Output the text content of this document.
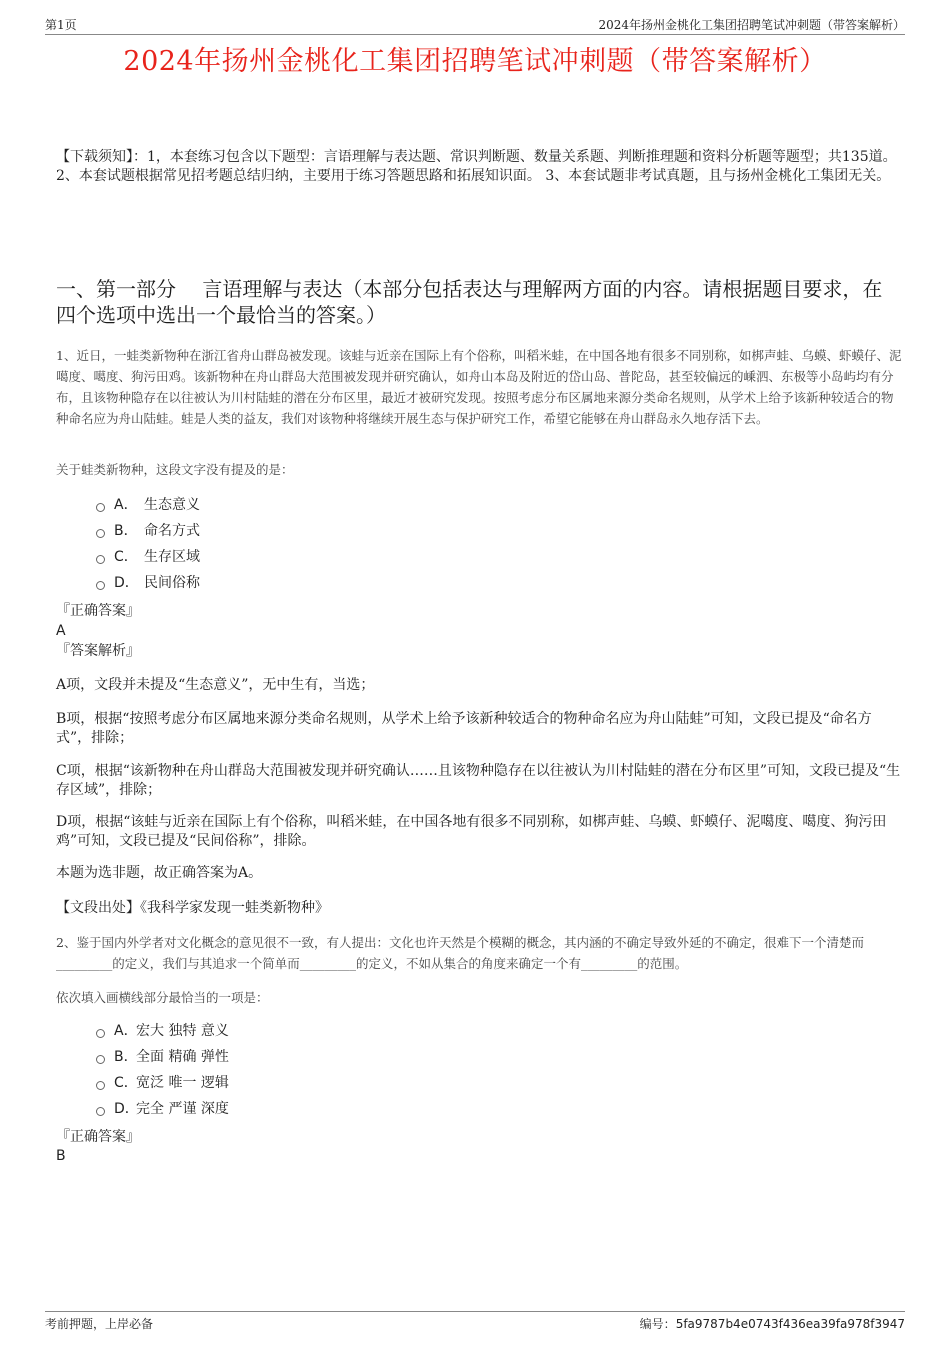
第1页	2024年扬州金桃化工集团招聘笔试冲刺题（带答案解析）
2024年扬州金桃化工集团招聘笔试冲刺题（带答案解析）
【下载须知】：1，本套练习包含以下题型：言语理解与表达题、常识判断题、数量关系题、判断推理题和资料分析题等题型；共135道。 2、本套试题根据常见招考题总结归纳，主要用于练习答题思路和拓展知识面。 3、本套试题非考试真题，且与扬州金桃化工集团无关。
一、第一部分　 言语理解与表达（本部分包括表达与理解两方面的内容。请根据题目要求，在四个选项中选出一个最恰当的答案。）
1、近日，一蛙类新物种在浙江省舟山群岛被发现。该蛙与近亲在国际上有个俗称，叫稻米蛙，在中国各地有很多不同别称，如梆声蛙、乌蟆、虾蟆仔、泥噶度、噶度、狗污田鸡。该新物种在舟山群岛大范围被发现并研究确认，如舟山本岛及附近的岱山岛、普陀岛，甚至较偏远的嵊泗、东极等小岛屿均有分布，且该物种隐存在以往被认为川村陆蛙的潜在分布区里，最近才被研究发现。按照考虑分布区属地来源分类命名规则，从学术上给予该新种较适合的物种命名应为舟山陆蛙。蛙是人类的益友，我们对该物种将继续开展生态与保护研究工作，希望它能够在舟山群岛永久地存活下去。
关于蛙类新物种，这段文字没有提及的是：
A． 生态意义
B． 命名方式
C． 生存区域
D． 民间俗称
『正确答案』
A
『答案解析』
A项，文段并未提及“生态意义”，无中生有，当选；
B项，根据“按照考虑分布区属地来源分类命名规则，从学术上给予该新种较适合的物种命名应为舟山陆蛙”可知，文段已提及“命名方式”，排除；
C项，根据“该新物种在舟山群岛大范围被发现并研究确认……且该物种隐存在以往被认为川村陆蛙的潜在分布区里”可知，文段已提及“生存区域”，排除；
D项，根据“该蛙与近亲在国际上有个俗称，叫稻米蛙，在中国各地有很多不同别称，如梆声蛙、乌蟆、虾蟆仔、泥噶度、噶度、狗污田鸡”可知，文段已提及“民间俗称”，排除。
本题为选非题，故正确答案为A。
【文段出处】《我科学家发现一蛙类新物种》
2、鉴于国内外学者对文化概念的意见很不一致，有人提出：文化也许天然是个模糊的概念，其内涵的不确定导致外延的不确定，很难下一个清楚而_________的定义，我们与其追求一个简单而_________的定义，不如从集合的角度来确定一个有_________的范围。
依次填入画横线部分最恰当的一项是：
A．
宏大 独特 意义
B．
全面 精确 弹性
C．
宽泛 唯一 逻辑
D．
完全 严谨 深度
『正确答案』
B
考前押题，上岸必备	编号：5fa9787b4e0743f436ea39fa978f3947
